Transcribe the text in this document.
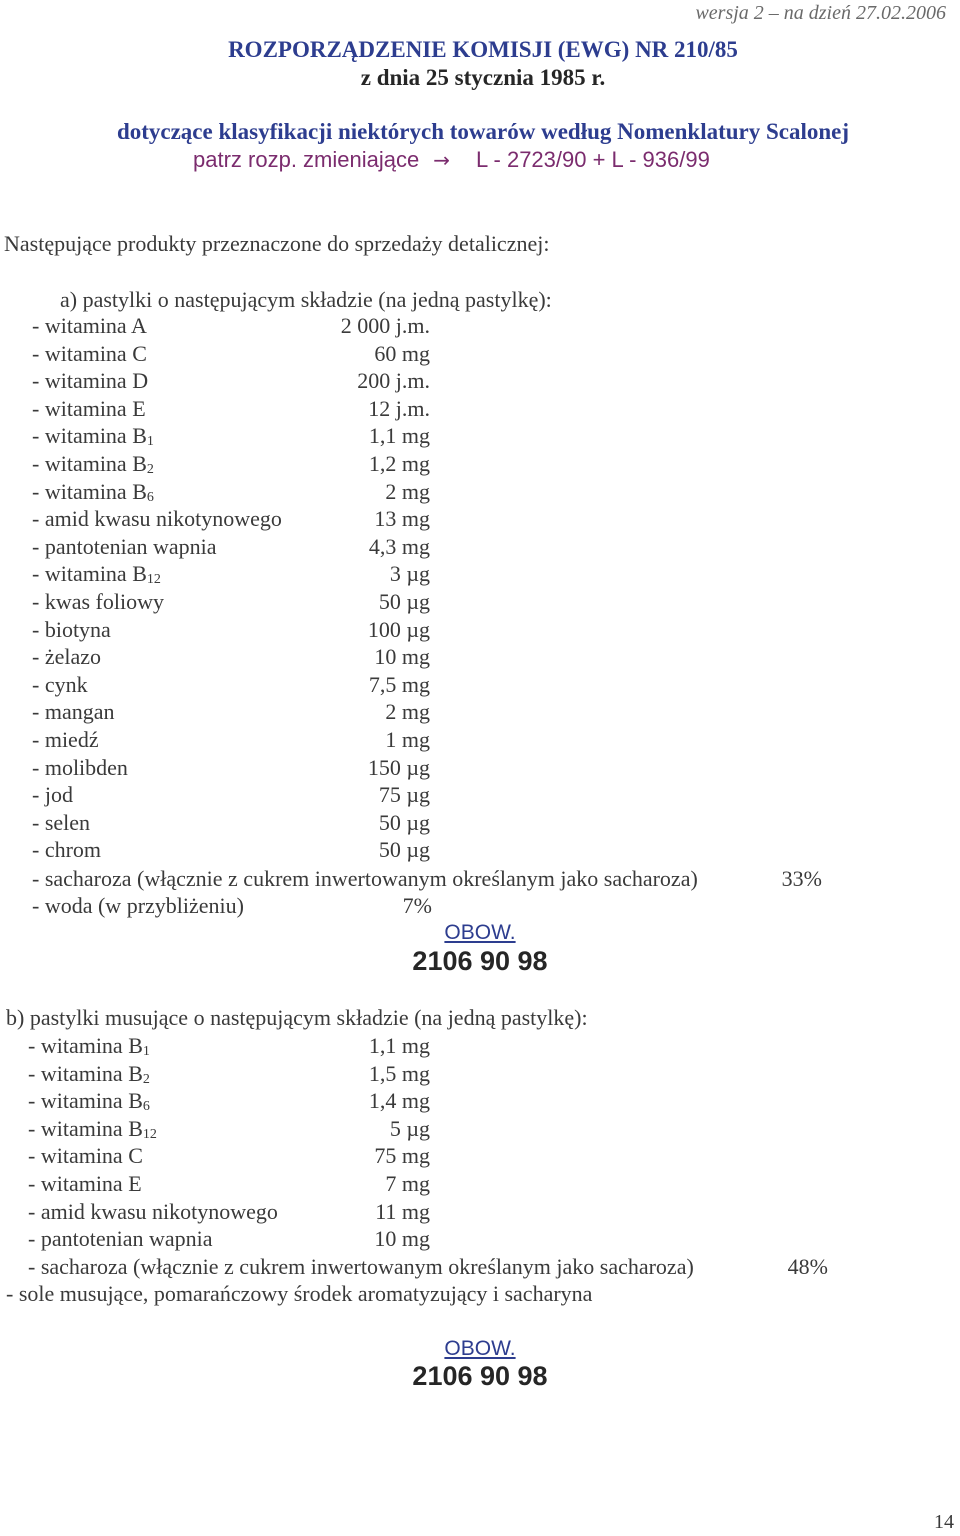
wersja 2 – na dzień 27.02.2006
ROZPORZĄDZENIE KOMISJI (EWG) NR 210/85
z dnia 25 stycznia 1985 r.
dotyczące klasyfikacji niektórych towarów według Nomenklatury Scalonej
patrz rozp. zmieniające → L - 2723/90 + L - 936/99
Następujące produkty przeznaczone do sprzedaży detalicznej:
a) pastylki o następującym składzie (na jedną pastylkę):
- witamina A	2 000 j.m.
- witamina C	60 mg
- witamina D	200 j.m.
- witamina E	12 j.m.
- witamina $B_1$	1,1 mg
- witamina $B_2$	1,2 mg
- witamina $B_6$	2 mg
- amid kwasu nikotynowego	13 mg
- pantotenian wapnia	4,3 mg
- witamina $B_{12}$	3 µg
- kwas foliowy	50 µg
- biotyna	100 µg
- żelazo	10 mg
- cynk	7,5 mg
- mangan	2 mg
- miedź	1 mg
- molibden	150 µg
- jod	75 µg
- selen	50 µg
- chrom	50 µg
- sacharoza (włącznie z cukrem inwertowanym określanym jako sacharoza)	33%
- woda (w przybliżeniu)	7%
OBOW.
2106 90 98
b) pastylki musujące o następującym składzie (na jedną pastylkę):
- witamina $B_1$	1,1 mg
- witamina $B_2$	1,5 mg
- witamina $B_6$	1,4 mg
- witamina $B_{12}$	5 µg
- witamina C	75 mg
- witamina E	7 mg
- amid kwasu nikotynowego	11 mg
- pantotenian wapnia	10 mg
- sacharoza (włącznie z cukrem inwertowanym określanym jako sacharoza)	48%
- sole musujące, pomarańczowy środek aromatyzujący i sacharyna
OBOW.
2106 90 98
14
